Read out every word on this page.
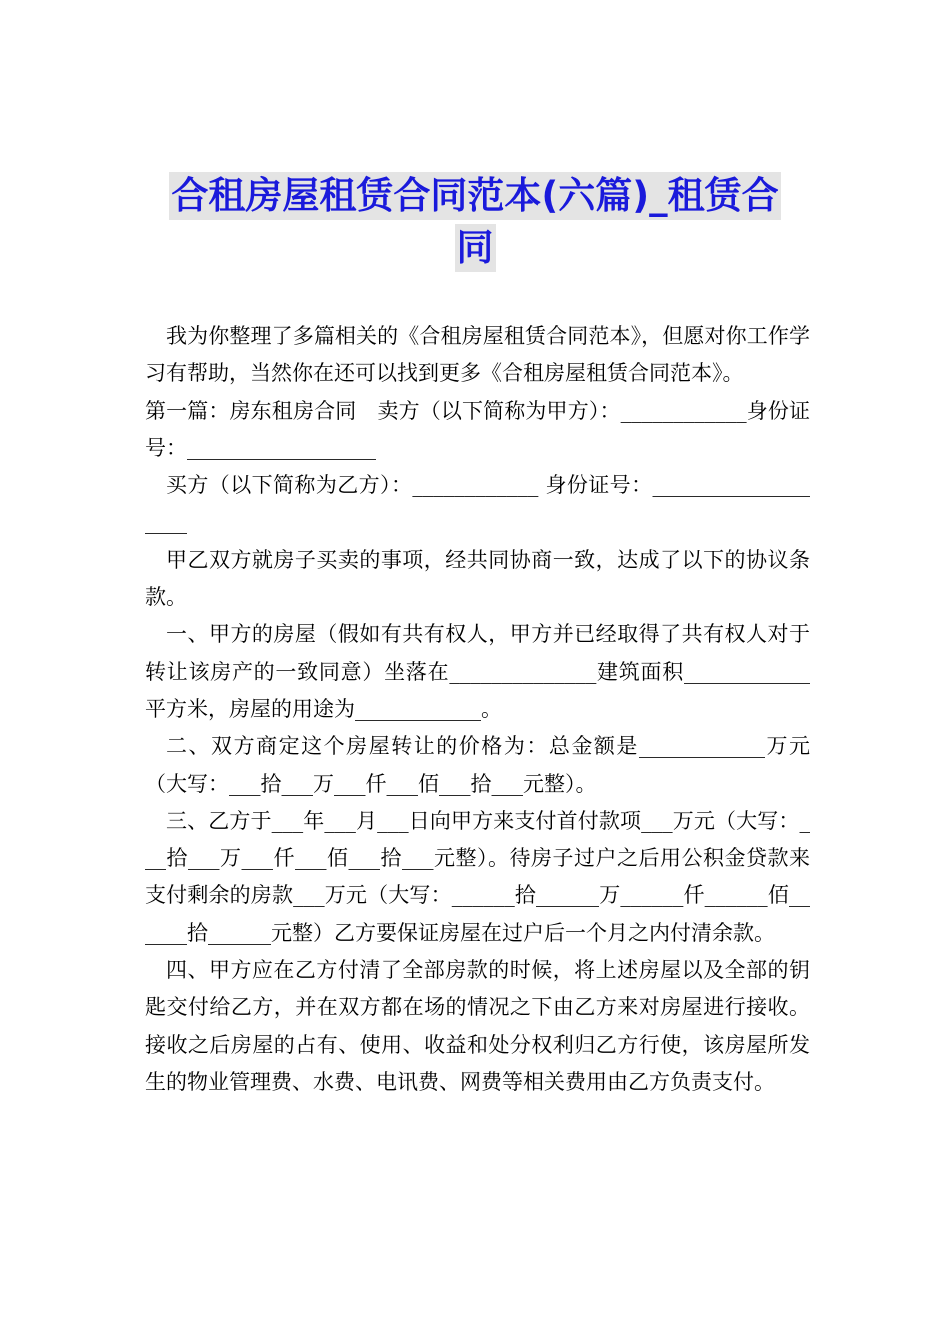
合租房屋租赁合同范本(六篇)_租赁合
同

我为你整理了多篇相关的《合租房屋租赁合同范本》，但愿对你工作学习有帮助，当然你在还可以找到更多《合租房屋租赁合同范本》。

第一篇：房东租房合同　卖方（以下简称为甲方）：____________身份证号：__________________

买方（以下简称为乙方）：____________ 身份证号：___________________

甲乙双方就房子买卖的事项，经共同协商一致，达成了以下的协议条款。

一、甲方的房屋（假如有共有权人，甲方并已经取得了共有权人对于转让该房产的一致同意）坐落在______________建筑面积____________平方米，房屋的用途为____________。

二、双方商定这个房屋转让的价格为：总金额是____________万元（大写：___拾___万___仟___佰___拾___元整）。

三、乙方于___年___月___日向甲方来支付首付款项___万元（大写：___拾___万___仟___佰___拾___元整）。待房子过户之后用公积金贷款来支付剩余的房款___万元（大写：______拾______万______仟______佰______拾______元整）乙方要保证房屋在过户后一个月之内付清余款。

四、甲方应在乙方付清了全部房款的时候，将上述房屋以及全部的钥匙交付给乙方，并在双方都在场的情况之下由乙方来对房屋进行接收。接收之后房屋的占有、使用、收益和处分权利归乙方行使，该房屋所发生的物业管理费、水费、电讯费、网费等相关费用由乙方负责支付。
